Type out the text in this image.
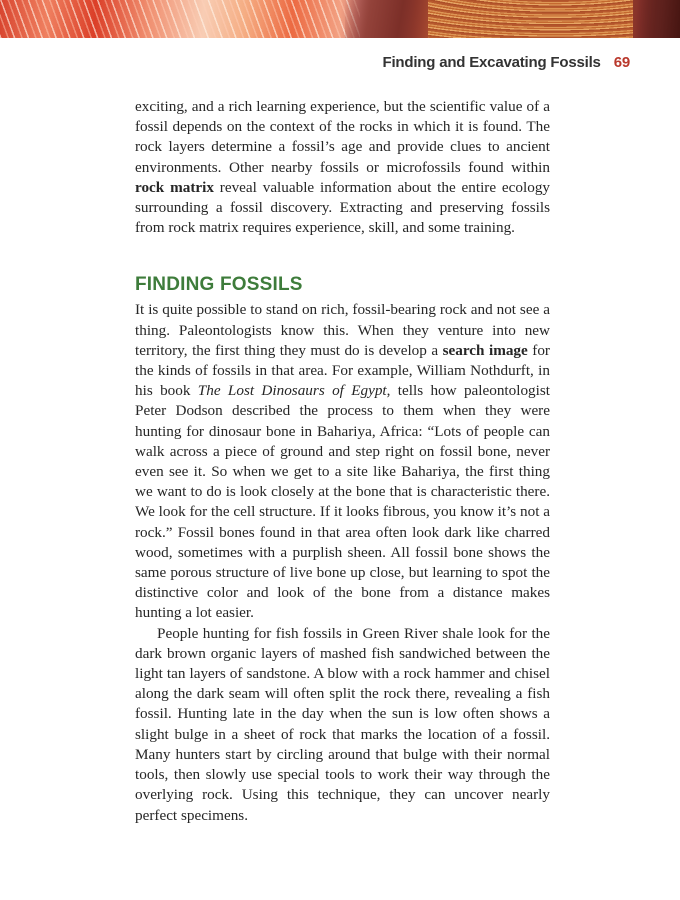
Finding and Excavating Fossils 69

exciting, and a rich learning experience, but the scientific value of a fossil depends on the context of the rocks in which it is found. The rock layers determine a fossil’s age and provide clues to ancient environments. Other nearby fossils or microfossils found within rock matrix reveal valuable information about the entire ecology surrounding a fossil discovery. Extracting and preserving fossils from rock matrix requires experience, skill, and some training.

FINDING FOSSILS

It is quite possible to stand on rich, fossil-bearing rock and not see a thing. Paleontologists know this. When they venture into new territory, the first thing they must do is develop a search image for the kinds of fossils in that area. For example, William Nothdurft, in his book The Lost Dinosaurs of Egypt, tells how paleontologist Peter Dodson described the process to them when they were hunting for dinosaur bone in Bahariya, Africa: “Lots of people can walk across a piece of ground and step right on fossil bone, never even see it. So when we get to a site like Bahariya, the first thing we want to do is look closely at the bone that is characteristic there. We look for the cell structure. If it looks fibrous, you know it’s not a rock.” Fossil bones found in that area often look dark like charred wood, sometimes with a purplish sheen. All fossil bone shows the same porous structure of live bone up close, but learning to spot the distinctive color and look of the bone from a distance makes hunting a lot easier.

People hunting for fish fossils in Green River shale look for the dark brown organic layers of mashed fish sandwiched between the light tan layers of sandstone. A blow with a rock hammer and chisel along the dark seam will often split the rock there, revealing a fish fossil. Hunting late in the day when the sun is low often shows a slight bulge in a sheet of rock that marks the location of a fossil. Many hunters start by circling around that bulge with their normal tools, then slowly use special tools to work their way through the overlying rock. Using this technique, they can uncover nearly perfect specimens.
